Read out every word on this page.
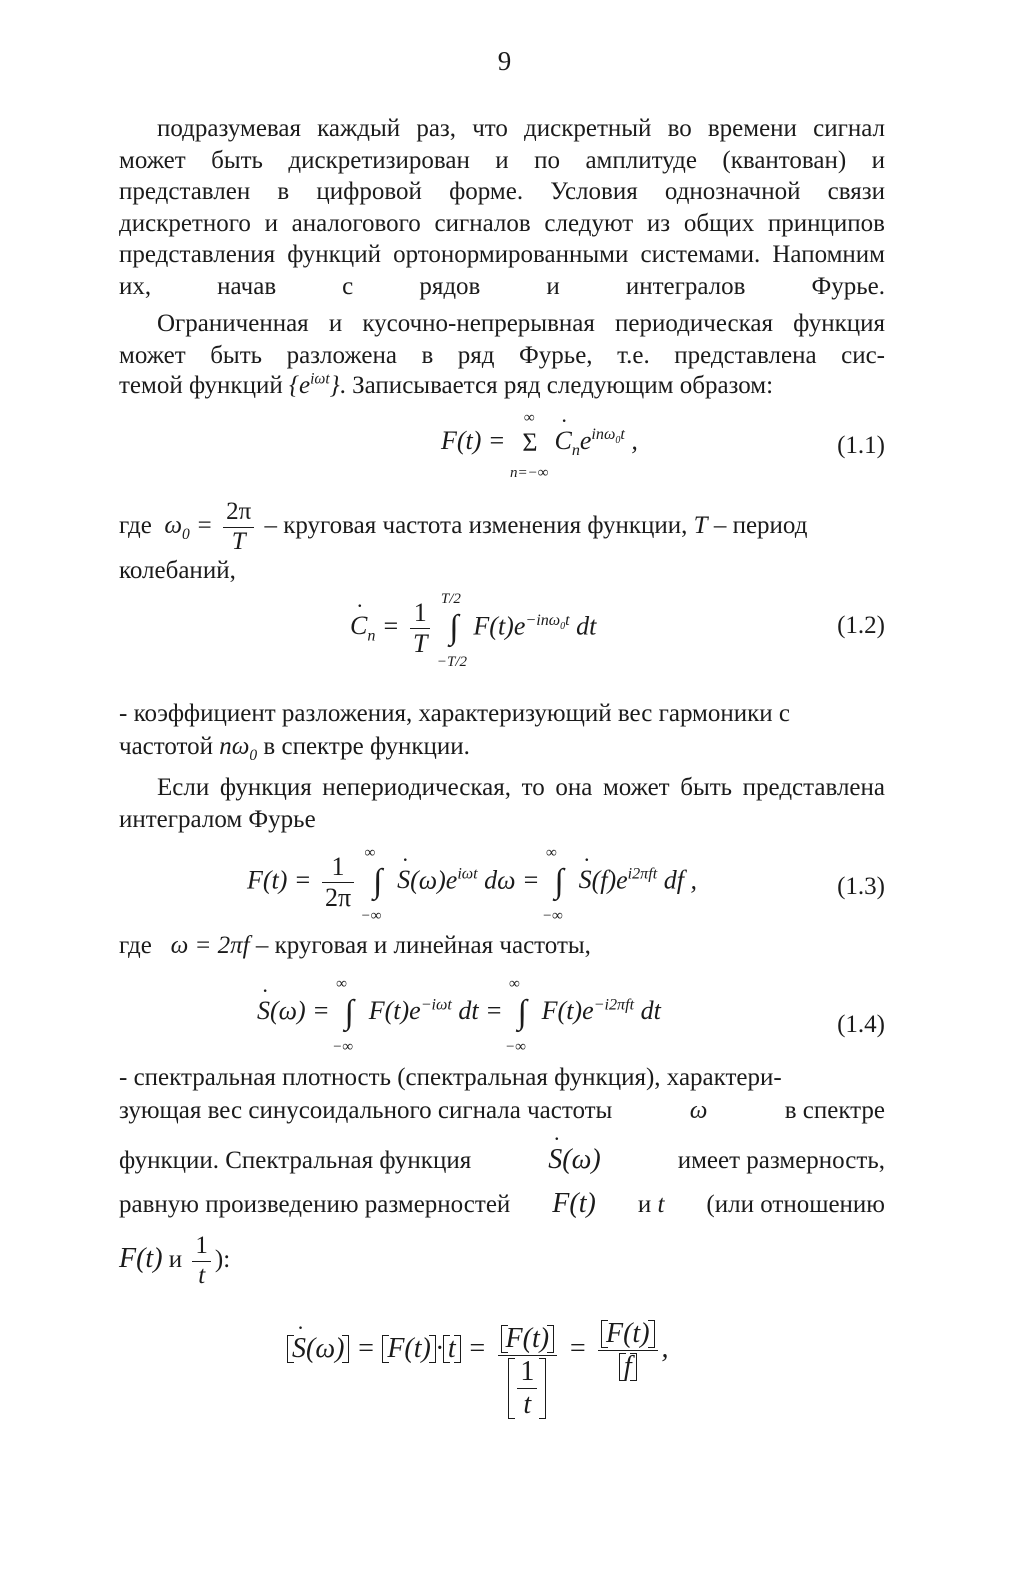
9
подразумевая каждый раз, что дискретный во времени сигнал может быть дискретизирован и по амплитуде (квантован) и представлен в цифровой форме. Условия однозначной связи дискретного и аналогового сигналов следуют из общих принципов представления функций ортонормированными системами. Напомним их, начав с рядов и интегралов Фурье.
Ограниченная и кусочно-непрерывная периодическая функция может быть разложена в ряд Фурье, т.е. представлена сис-
темой функций $\{e^{i\omega t}\}$. Записывается ряд следующим образом:
F(t) = Σ
∞
n=−∞
$C \cdot_ne^{in\omega_0t}$ ,	(1.1)
где  $\omega_0 = \frac{2\pi}{T}$ – круговая частота изменения функции, T – период
колебаний,
$C \cdot_n = \frac{1}{T}$ ∫
T/2
−T/2
$F(t)e^{-in\omega_0t}$ dt	(1.2)
- коэффициент разложения, характеризующий вес гармоники с
частотой $n\omega_0$ в спектре функции.
Если функция непериодическая, то она может быть представлена интегралом Фурье
$F(t) = \frac{1}{2\pi}$ ∫
∞
−∞
$S \cdot(\omega)e^{i\omega t}$ dω = ∫
∞
−∞
$S \cdot(f)e^{i2\pi ft}$ df ,	(1.3)
где   ω = 2πf – круговая и линейная частоты,
S ·(ω) = ∫
∞
−∞
$F(t)e^{-i\omega t}$ dt = ∫
∞
−∞
$F(t)e^{-i2\pi ft}$ dt	(1.4)
- спектральная плотность (спектральная функция), характери-
зующая вес синусоидального сигнала частоты	ω	в спектре
функции. Спектральная функция	S ·(ω)	имеет размерность,
равную произведению размерностей F(t) и t (или отношению
F(t) и $\frac{1}{t}$ ):
$S \cdot(\omega) = F(t) \cdot t = \frac{F(t)}{\frac{1}{t}} = \frac{F(t)}{f}$ ,
